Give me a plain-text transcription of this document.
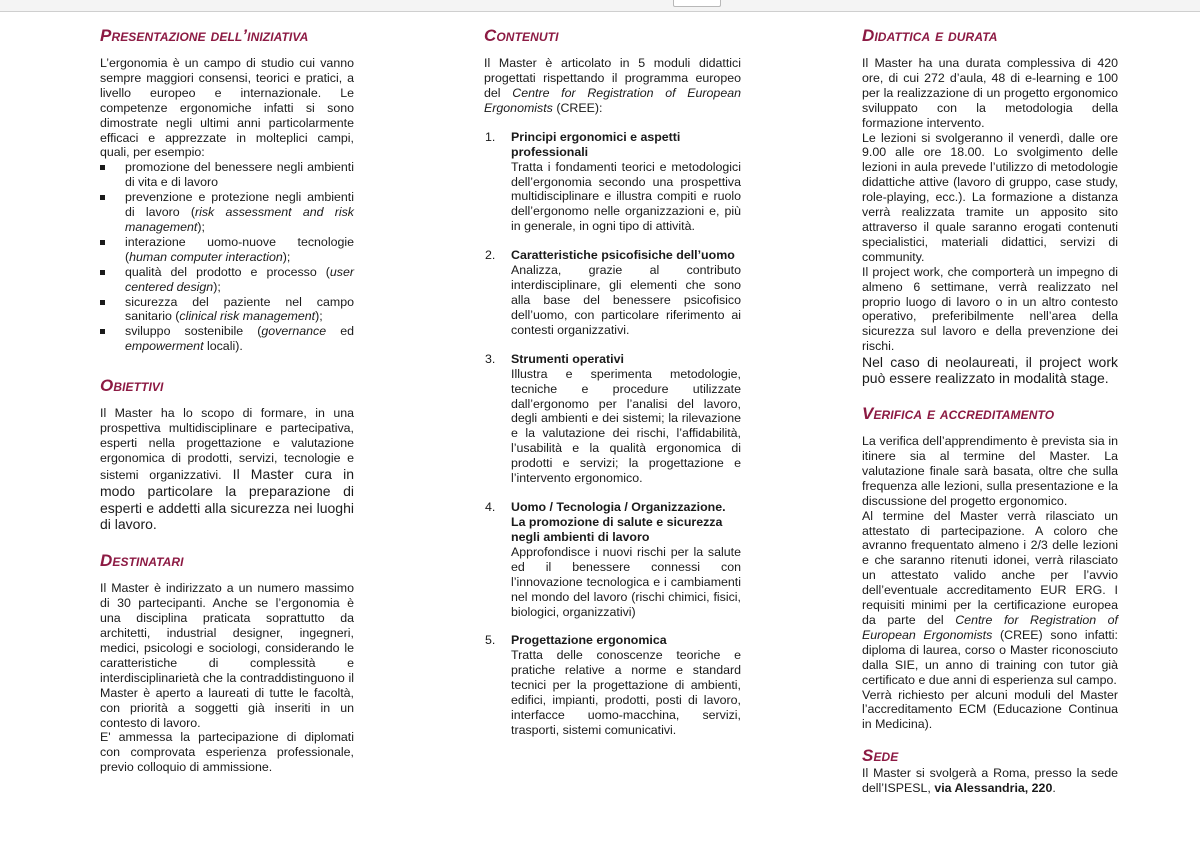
Presentazione dell’iniziativa

L’ergonomia è un campo di studio cui vanno sempre maggiori consensi, teorici e pratici, a livello europeo e internazionale. Le competenze ergonomiche infatti si sono dimostrate negli ultimi anni particolarmente efficaci e apprezzate in molteplici campi, quali, per esempio:

promozione del benessere negli ambienti di vita e di lavoro
prevenzione e protezione negli ambienti di lavoro (risk assessment and risk management);
interazione uomo-nuove tecnologie (human computer interaction);
qualità del prodotto e processo (user centered design);
sicurezza del paziente nel campo sanitario (clinical risk management);
sviluppo sostenibile (governance ed empowerment locali).
Obiettivi

Il Master ha lo scopo di formare, in una prospettiva multidisciplinare e partecipativa, esperti nella progettazione e valutazione ergonomica di prodotti, servizi, tecnologie e sistemi organizzativi. Il Master cura in modo particolare la preparazione di esperti e addetti alla sicurezza nei luoghi di lavoro.

Destinatari

Il Master è indirizzato a un numero massimo di 30 partecipanti. Anche se l’ergonomia è una disciplina praticata soprattutto da architetti, industrial designer, ingegneri, medici, psicologi e sociologi, considerando le caratteristiche di complessità e interdisciplinarietà che la contraddistinguono il Master è aperto a laureati di tutte le facoltà, con priorità a soggetti già inseriti in un contesto di lavoro.

E' ammessa la partecipazione di diplomati con comprovata esperienza professionale, previo colloquio di ammissione.

Contenuti

Il Master è articolato in 5 moduli didattici progettati rispettando il programma europeo del Centre for Registration of European Ergonomists (CREE):

1. Principi ergonomici e aspetti professionali
Tratta i fondamenti teorici e metodologici dell’ergonomia secondo una prospettiva multidisciplinare e illustra compiti e ruolo dell’ergonomo nelle organizzazioni e, più in generale, in ogni tipo di attività.
2. Caratteristiche psicofisiche dell’uomo
Analizza, grazie al contributo interdisciplinare, gli elementi che sono alla base del benessere psicofisico dell’uomo, con particolare riferimento ai contesti organizzativi.
3. Strumenti operativi
Illustra e sperimenta metodologie, tecniche e procedure utilizzate dall’ergonomo per l’analisi del lavoro, degli ambienti e dei sistemi; la rilevazione e la valutazione dei rischi, l’affidabilità, l’usabilità e la qualità ergonomica di prodotti e servizi; la progettazione e l’intervento ergonomico.
4. Uomo / Tecnologia / Organizzazione. La promozione di salute e sicurezza negli ambienti di lavoro
Approfondisce i nuovi rischi per la salute ed il benessere connessi con l’innovazione tecnologica e i cambiamenti nel mondo del lavoro (rischi chimici, fisici, biologici, organizzativi)
5. Progettazione ergonomica
Tratta delle conoscenze teoriche e pratiche relative a norme e standard tecnici per la progettazione di ambienti, edifici, impianti, prodotti, posti di lavoro, interfacce uomo-macchina, servizi, trasporti, sistemi comunicativi.
Didattica e durata

Il Master ha una durata complessiva di 420 ore, di cui 272 d’aula, 48 di e-learning e 100 per la realizzazione di un progetto ergonomico sviluppato con la metodologia della formazione intervento.

Le lezioni si svolgeranno il venerdì, dalle ore 9.00 alle ore 18.00. Lo svolgimento delle lezioni in aula prevede l’utilizzo di metodologie didattiche attive (lavoro di gruppo, case study, role-playing, ecc.). La formazione a distanza verrà realizzata tramite un apposito sito attraverso il quale saranno erogati contenuti specialistici, materiali didattici, servizi di community.

Il project work, che comporterà un impegno di almeno 6 settimane, verrà realizzato nel proprio luogo di lavoro o in un altro contesto operativo, preferibilmente nell’area della sicurezza sul lavoro e della prevenzione dei rischi.

Nel caso di neolaureati, il project work può essere realizzato in modalità stage.

Verifica e accreditamento

La verifica dell’apprendimento è prevista sia in itinere sia al termine del Master. La valutazione finale sarà basata, oltre che sulla frequenza alle lezioni, sulla presentazione e la discussione del progetto ergonomico.

Al termine del Master verrà rilasciato un attestato di partecipazione. A coloro che avranno frequentato almeno i 2/3 delle lezioni e che saranno ritenuti idonei, verrà rilasciato un attestato valido anche per l’avvio dell’eventuale accreditamento EUR ERG. I requisiti minimi per la certificazione europea da parte del Centre for Registration of European Ergonomists (CREE) sono infatti: diploma di laurea, corso o Master riconosciuto dalla SIE, un anno di training con tutor già certificato e due anni di esperienza sul campo.

Verrà richiesto per alcuni moduli del Master l’accreditamento ECM (Educazione Continua in Medicina).

Sede

Il Master si svolgerà a Roma, presso la sede dell’ISPESL, via Alessandria, 220.
